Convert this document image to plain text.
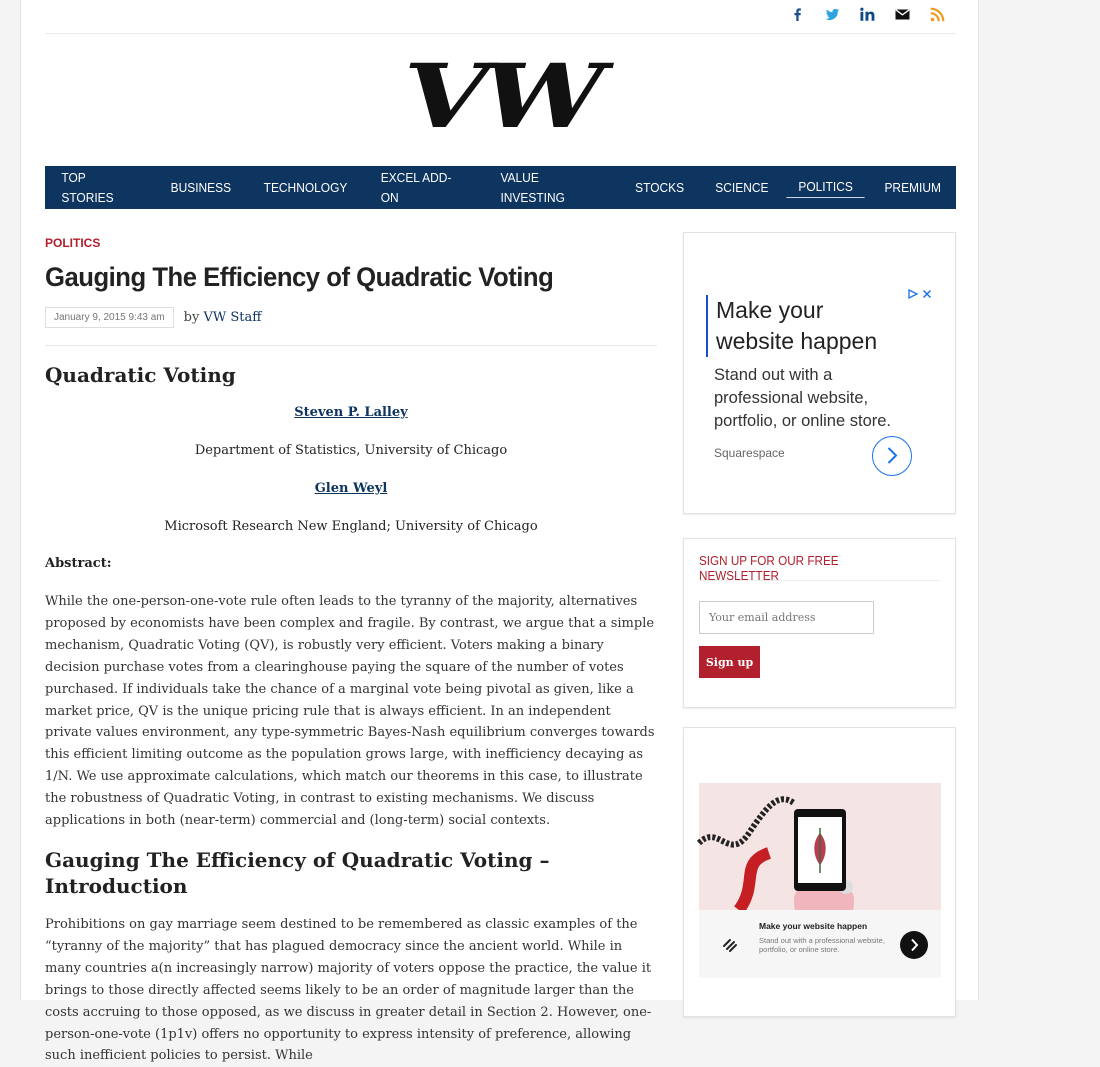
VW
TOP STORIES
BUSINESS	TECHNOLOGY
EXCEL ADD-ON
VALUE INVESTING
STOCKS	SCIENCE	POLITICS	PREMIUM
POLITICS
Gauging The Efficiency of Quadratic Voting
January 9, 2015 9:43 am	by VW Staff
Quadratic Voting
Steven P. Lalley
Department of Statistics, University of Chicago
Glen Weyl
Microsoft Research New England; University of Chicago
Abstract:

While the one-person-one-vote rule often leads to the tyranny of the majority, alternatives proposed by economists have been complex and fragile. By contrast, we argue that a simple mechanism, Quadratic Voting (QV), is robustly very efficient. Voters making a binary decision purchase votes from a clearinghouse paying the square of the number of votes purchased. If individuals take the chance of a marginal vote being pivotal as given, like a market price, QV is the unique pricing rule that is always efficient. In an independent private values environment, any type-symmetric Bayes-Nash equilibrium converges towards this efficient limiting outcome as the population grows large, with inefficiency decaying as 1/N. We use approximate calculations, which match our theorems in this case, to illustrate the robustness of Quadratic Voting, in contrast to existing mechanisms. We discuss applications in both (near-term) commercial and (long-term) social contexts.

Gauging The Efficiency of Quadratic Voting – Introduction

Prohibitions on gay marriage seem destined to be remembered as classic examples of the “tyranny of the majority” that has plagued democracy since the ancient world. While in many countries a(n increasingly narrow) majority of voters oppose the practice, the value it brings to those directly affected seems likely to be an order of magnitude larger than the costs accruing to those opposed, as we discuss in greater detail in Section 2. However, one-person-one-vote (1p1v) offers no opportunity to express intensity of preference, allowing such inefficient policies to persist. While

Make your
website happen
Stand out with a professional website, portfolio, or online store.
Squarespace
SIGN UP FOR OUR FREE NEWSLETTER
Your email address
Sign up
Make your website happen
Stand out with a professional website, portfolio, or online store.
